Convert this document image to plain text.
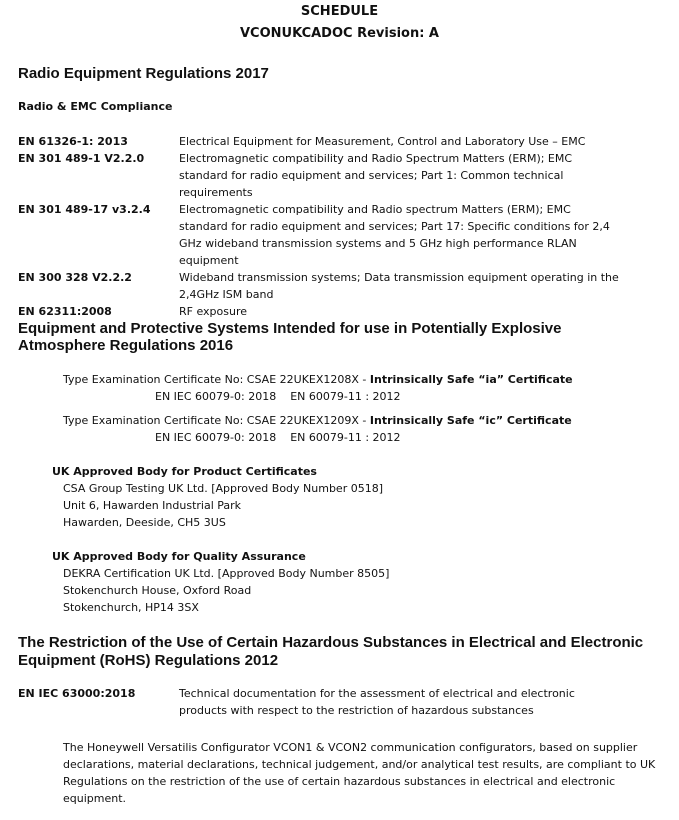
SCHEDULE
VCONUKCADOC Revision: A
Radio Equipment Regulations 2017
Radio & EMC Compliance
EN 61326-1: 2013	Electrical Equipment for Measurement, Control and Laboratory Use – EMC
EN 301 489-1 V2.2.0	Electromagnetic compatibility and Radio Spectrum Matters (ERM); EMC standard for radio equipment and services; Part 1: Common technical requirements
EN 301 489-17 v3.2.4	Electromagnetic compatibility and Radio spectrum Matters (ERM); EMC standard for radio equipment and services; Part 17: Specific conditions for 2,4 GHz wideband transmission systems and 5 GHz high performance RLAN equipment
EN 300 328 V2.2.2	Wideband transmission systems; Data transmission equipment operating in the 2,4GHz ISM band
EN 62311:2008	RF exposure
Equipment and Protective Systems Intended for use in Potentially Explosive
Atmosphere Regulations 2016
Type Examination Certificate No: CSAE 22UKEX1208X - Intrinsically Safe “ia” Certificate
EN IEC 60079-0: 2018    EN 60079-11 : 2012
Type Examination Certificate No: CSAE 22UKEX1209X - Intrinsically Safe “ic” Certificate
EN IEC 60079-0: 2018    EN 60079-11 : 2012
UK Approved Body for Product Certificates
CSA Group Testing UK Ltd. [Approved Body Number 0518]
Unit 6, Hawarden Industrial Park
Hawarden, Deeside, CH5 3US
UK Approved Body for Quality Assurance
DEKRA Certification UK Ltd. [Approved Body Number 8505]
Stokenchurch House, Oxford Road
Stokenchurch, HP14 3SX
The Restriction of the Use of Certain Hazardous Substances in Electrical and Electronic
Equipment (RoHS) Regulations 2012
EN IEC 63000:2018	Technical documentation for the assessment of electrical and electronic products with respect to the restriction of hazardous substances
The Honeywell Versatilis Configurator VCON1 & VCON2 communication configurators, based on supplier declarations, material declarations, technical judgement, and/or analytical test results, are compliant to UK Regulations on the restriction of the use of certain hazardous substances in electrical and electronic equipment.
